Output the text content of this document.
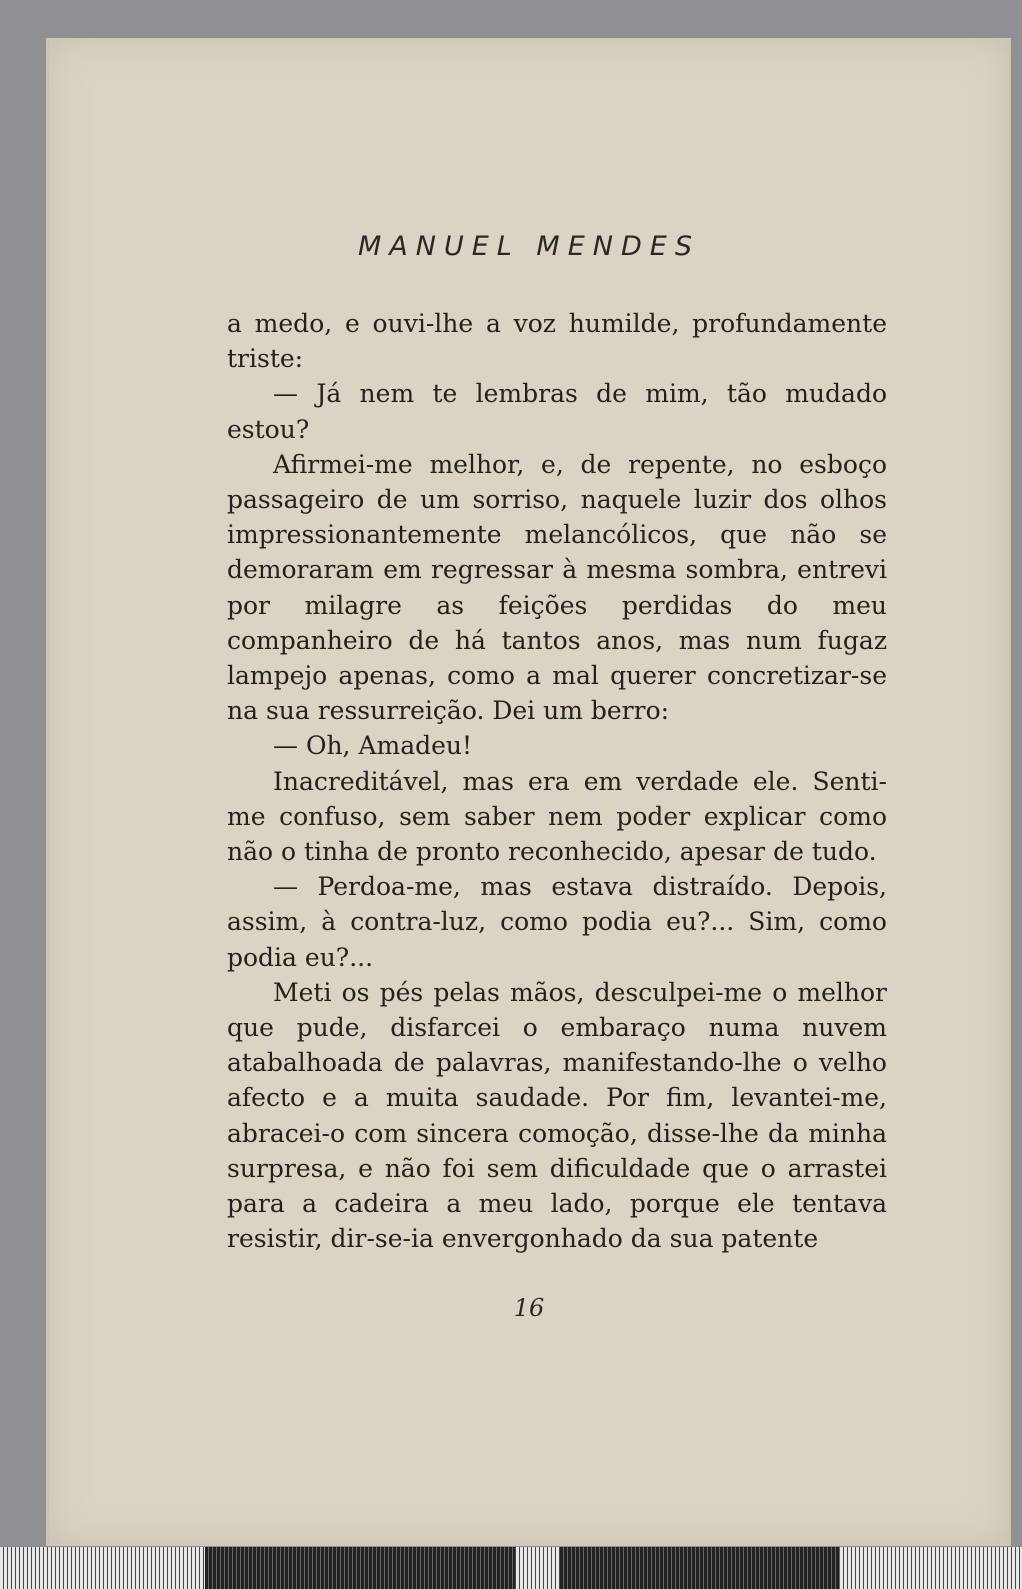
MANUEL MENDES

a medo, e ouvi-lhe a voz humilde, profundamente triste:

— Já nem te lembras de mim, tão mudado estou?

Afirmei-me melhor, e, de repente, no esboço passageiro de um sorriso, naquele luzir dos olhos impressionantemente melancólicos, que não se demoraram em regressar à mesma sombra, entrevi por milagre as feições perdidas do meu companheiro de há tantos anos, mas num fugaz lampejo apenas, como a mal querer concretizar-se na sua ressurreição. Dei um berro:

— Oh, Amadeu!

Inacreditável, mas era em verdade ele. Senti-me confuso, sem saber nem poder explicar como não o tinha de pronto reconhecido, apesar de tudo.

— Perdoa-me, mas estava distraído. Depois, assim, à contra-luz, como podia eu?... Sim, como podia eu?...

Meti os pés pelas mãos, desculpei-me o melhor que pude, disfarcei o embaraço numa nuvem atabalhoada de palavras, manifestando-lhe o velho afecto e a muita saudade. Por fim, levantei-me, abracei-o com sincera comoção, disse-lhe da minha surpresa, e não foi sem dificuldade que o arrastei para a cadeira a meu lado, porque ele tentava resistir, dir-se-ia envergonhado da sua patente

16
